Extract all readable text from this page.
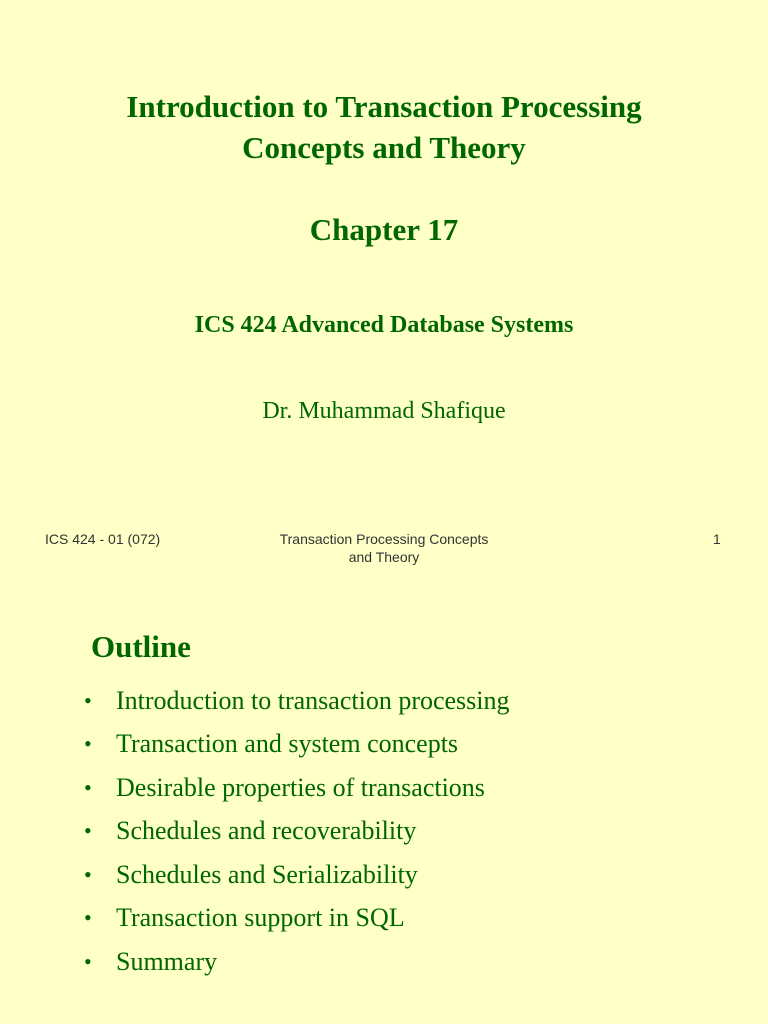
Introduction to Transaction Processing
Concepts and Theory
Chapter 17
ICS 424 Advanced Database Systems
Dr. Muhammad Shafique
ICS 424 - 01 (072)	Transaction Processing Concepts
and Theory
1
Outline
• Introduction to transaction processing
• Transaction and system concepts
• Desirable properties of transactions
• Schedules and recoverability
• Schedules and Serializability
• Transaction support in SQL
• Summary
